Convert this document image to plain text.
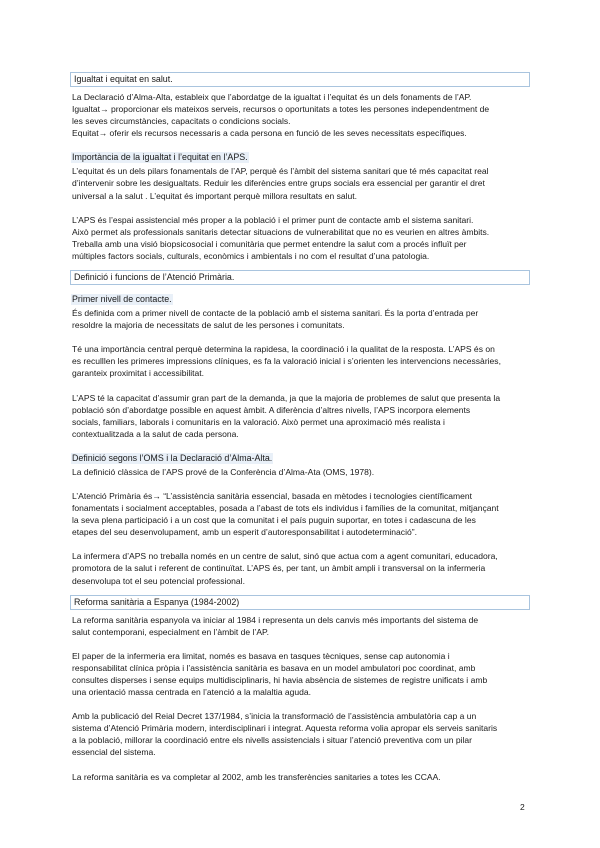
Igualtat i equitat en salut.

La Declaració d’Alma-Alta, estableix que l’abordatge de la igualtat i l’equitat és un dels fonaments de l’AP.

Igualtat→ proporcionar els mateixos serveis, recursos o oportunitats a totes les persones independentment de

les seves circumstàncies, capacitats o condicions socials.

Equitat→ oferir els recursos necessaris a cada persona en funció de les seves necessitats específiques.

Importància de la igualtat i l’equitat en l’APS.

L’equitat és un dels pilars fonamentals de l’AP, perquè és l’àmbit del sistema sanitari que té més capacitat real

d’intervenir sobre les desigualtats. Reduir les diferències entre grups socials era essencial per garantir el dret

universal a la salut . L’equitat és important perquè millora resultats en salut.

L’APS és l’espai assistencial més proper a la població i el primer punt de contacte amb el sistema sanitari.

Això permet als professionals sanitaris detectar situacions de vulnerabilitat que no es veurien en altres àmbits.

Treballa amb una visió biopsicosocial i comunitària que permet entendre la salut com a procés influït per

múltiples factors socials, culturals, econòmics i ambientals i no com el resultat d’una patologia.

Definició i funcions de l’Atenció Primària.
Primer nivell de contacte.

És definida com a primer nivell de contacte de la població amb el sistema sanitari. És la porta d’entrada per

resoldre la majoria de necessitats de salut de les persones i comunitats.

Té una importància central perquè determina la rapidesa, la coordinació i la qualitat de la resposta. L’APS és on

es reculllen les primeres impressions clíniques, es fa la valoració inicial i s’orienten les intervencions necessàries,

garanteix proximitat i accessibilitat.

L’APS té la capacitat d’assumir gran part de la demanda, ja que la majoria de problemes de salut que presenta la

població són d’abordatge possible en aquest àmbit. A diferència d’altres nivells, l’APS incorpora elements

socials, familiars, laborals i comunitaris en la valoració. Això permet una aproximació més realista i

contextualitzada a la salut de cada persona.

Definició segons l’OMS i la Declaració d’Alma-Alta.

La definició clàssica de l’APS prové de la Conferència d’Alma-Ata (OMS, 1978).

L’Atenció Primària és→ “L’assistència sanitària essencial, basada en mètodes i tecnologies científicament

fonamentats i socialment acceptables, posada a l’abast de tots els individus i famílies de la comunitat, mitjançant

la seva plena participació i a un cost que la comunitat i el país puguin suportar, en totes i cadascuna de les

etapes del seu desenvolupament, amb un esperit d’autoresponsabilitat i autodeterminació”.

La infermera d’APS no treballa només en un centre de salut, sinó que actua com a agent comunitari, educadora,

promotora de la salut i referent de continuïtat. L’APS és, per tant, un àmbit ampli i transversal on la infermeria

desenvolupa tot el seu potencial professional.

Reforma sanitària a Espanya (1984-2002)

La reforma sanitària espanyola va iniciar al 1984 i representa un dels canvis més importants del sistema de

salut contemporani, especialment en l’àmbit de l’AP.

El paper de la infermeria era limitat, només es basava en tasques tècniques, sense cap autonomia i

responsabilitat clínica pròpia i l’assistència sanitària es basava en un model ambulatori poc coordinat, amb

consultes disperses i sense equips multidisciplinaris, hi havia absència de sistemes de registre unificats i amb

una orientació massa centrada en l’atenció a la malaltia aguda.

Amb la publicació del Reial Decret 137/1984, s’inicia la transformació de l’assistència ambulatòria cap a un

sistema d’Atenció Primària modern, interdisciplinari i integrat. Aquesta reforma volia apropar els serveis sanitaris

a la població, millorar la coordinació entre els nivells assistencials i situar l’atenció preventiva com un pilar

essencial del sistema.

La reforma sanitària es va completar al 2002, amb les transferències sanitaries a totes les CCAA.

2
